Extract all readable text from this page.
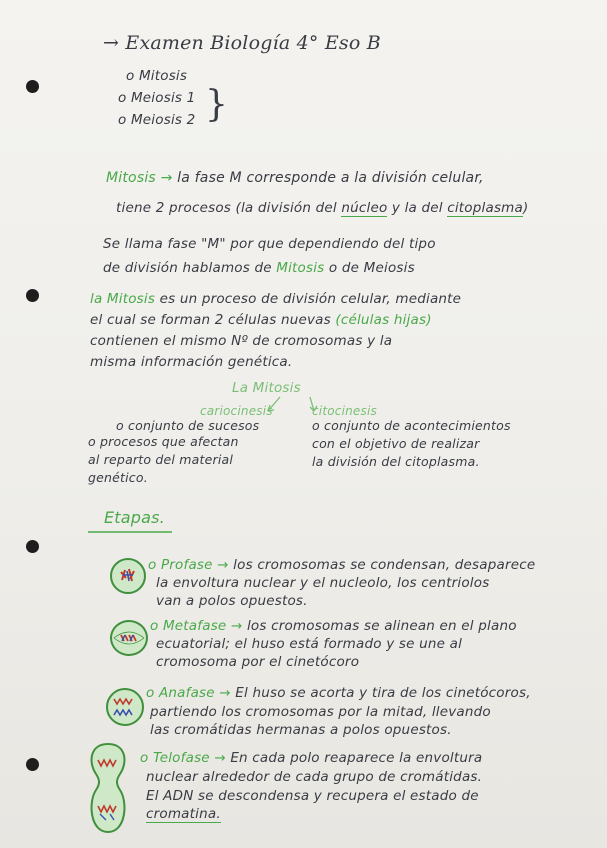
→ Examen Biología 4° Eso B
o Mitosis
o Meiosis 1
o Meiosis 2 }
Mitosis → la fase M corresponde a la división celular,
tiene 2 procesos (la división del núcleo y la del citoplasma)
Se llama fase "M" por que dependiendo del tipo
de división hablamos de Mitosis o de Meiosis
la Mitosis es un proceso de división celular, mediante
el cual se forman 2 células nuevas (células hijas)
contienen el mismo Nº de cromosomas y la
misma información genética.
La Mitosis
cariocinesis	citocinesis
o conjunto de sucesos
o procesos que afectan
al reparto del material
genético.
o conjunto de acontecimientos
con el objetivo de realizar
la división del citoplasma.
Etapas.
o Profase → los cromosomas se condensan, desaparece
la envoltura nuclear y el nucleolo, los centriolos
van a polos opuestos.
o Metafase → los cromosomas se alinean en el plano
ecuatorial; el huso está formado y se une al
cromosoma por el cinetócoro
o Anafase → El huso se acorta y tira de los cinetócoros,
partiendo los cromosomas por la mitad, llevando
las cromátidas hermanas a polos opuestos.
o Telofase → En cada polo reaparece la envoltura
nuclear alrededor de cada grupo de cromátidas.
El ADN se descondensa y recupera el estado de
cromatina.
